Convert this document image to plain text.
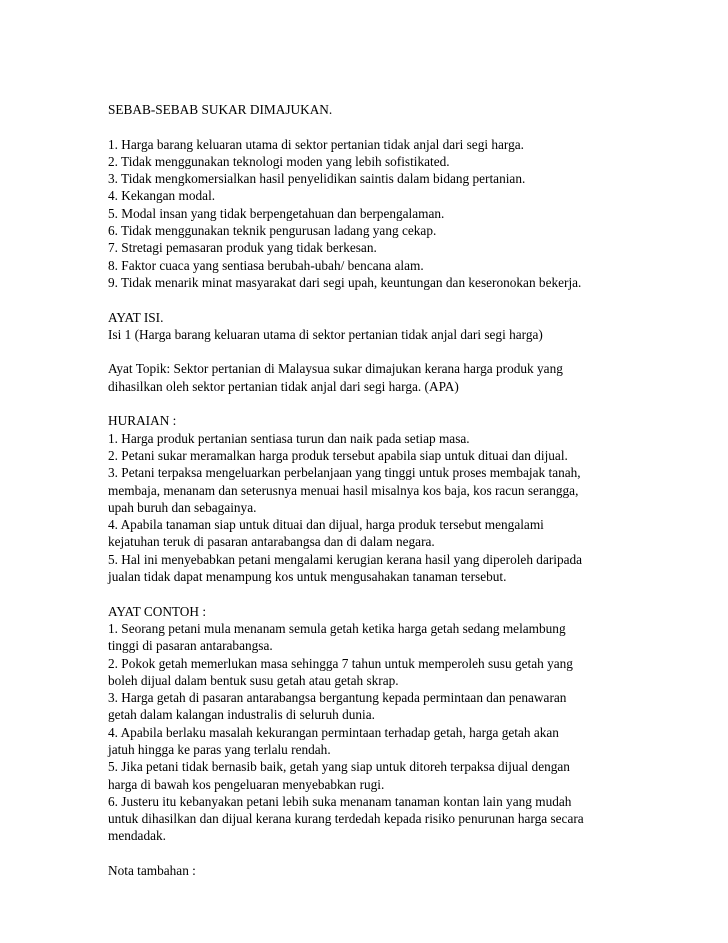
SEBAB-SEBAB SUKAR DIMAJUKAN.
1. Harga barang keluaran utama di sektor pertanian tidak anjal dari segi harga.
2. Tidak menggunakan teknologi moden yang lebih sofistikated.
3. Tidak mengkomersialkan hasil penyelidikan saintis dalam bidang pertanian.
4. Kekangan modal.
5. Modal insan yang tidak berpengetahuan dan berpengalaman.
6. Tidak menggunakan teknik pengurusan ladang yang cekap.
7. Stretagi pemasaran produk yang tidak berkesan.
8. Faktor cuaca yang sentiasa berubah-ubah/ bencana alam.
9. Tidak menarik minat masyarakat dari segi upah, keuntungan dan keseronokan bekerja.
AYAT ISI.
Isi 1 (Harga barang keluaran utama di sektor pertanian tidak anjal dari segi harga)
Ayat Topik: Sektor pertanian di Malaysua sukar dimajukan kerana harga produk yang
dihasilkan oleh sektor pertanian tidak anjal dari segi harga. (APA)
HURAIAN :
1. Harga produk pertanian sentiasa turun dan naik pada setiap masa.
2. Petani sukar meramalkan harga produk tersebut apabila siap untuk dituai dan dijual.
3. Petani terpaksa mengeluarkan perbelanjaan yang tinggi untuk proses membajak tanah,
membaja, menanam dan seterusnya menuai hasil misalnya kos baja, kos racun serangga,
upah buruh dan sebagainya.
4. Apabila tanaman siap untuk dituai dan dijual, harga produk tersebut mengalami
kejatuhan teruk di pasaran antarabangsa dan di dalam negara.
5. Hal ini menyebabkan petani mengalami kerugian kerana hasil yang diperoleh daripada
jualan tidak dapat menampung kos untuk mengusahakan tanaman tersebut.
AYAT CONTOH :
1. Seorang petani mula menanam semula getah ketika harga getah sedang melambung
tinggi di pasaran antarabangsa.
2. Pokok getah memerlukan masa sehingga 7 tahun untuk memperoleh susu getah yang
boleh dijual dalam bentuk susu getah atau getah skrap.
3. Harga getah di pasaran antarabangsa bergantung kepada permintaan dan penawaran
getah dalam kalangan industralis di seluruh dunia.
4. Apabila berlaku masalah kekurangan permintaan terhadap getah, harga getah akan
jatuh hingga ke paras yang terlalu rendah.
5. Jika petani tidak bernasib baik, getah yang siap untuk ditoreh terpaksa dijual dengan
harga di bawah kos pengeluaran menyebabkan rugi.
6. Justeru itu kebanyakan petani lebih suka menanam tanaman kontan lain yang mudah
untuk dihasilkan dan dijual kerana kurang terdedah kepada risiko penurunan harga secara
mendadak.
Nota tambahan :
